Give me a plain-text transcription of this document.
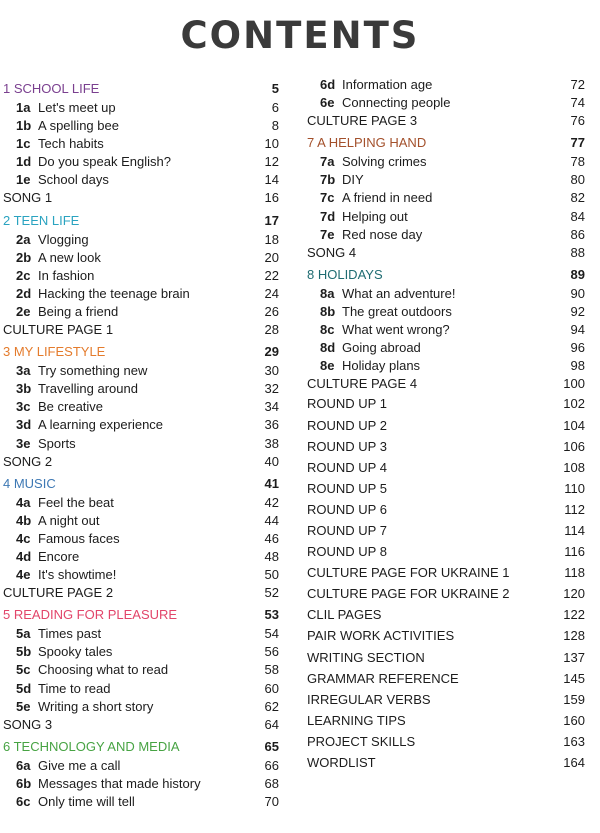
CONTENTS
1 SCHOOL LIFE	5
1a Let's meet up	6
1b A spelling bee	8
1c Tech habits	10
1d Do you speak English?	12
1e School days	14
SONG 1	16
2 TEEN LIFE	17
2a Vlogging	18
2b A new look	20
2c In fashion	22
2d Hacking the teenage brain	24
2e Being a friend	26
CULTURE PAGE 1	28
3 MY LIFESTYLE	29
3a Try something new	30
3b Travelling around	32
3c Be creative	34
3d A learning experience	36
3e Sports	38
SONG 2	40
4 MUSIC	41
4a Feel the beat	42
4b A night out	44
4c Famous faces	46
4d Encore	48
4e It's showtime!	50
CULTURE PAGE 2	52
5 READING FOR PLEASURE	53
5a Times past	54
5b Spooky tales	56
5c Choosing what to read	58
5d Time to read	60
5e Writing a short story	62
SONG 3	64
6 TECHNOLOGY AND MEDIA	65
6a Give me a call	66
6b Messages that made history	68
6c Only time will tell	70
6d Information age	72
6e Connecting people	74
CULTURE PAGE 3	76
7 A HELPING HAND	77
7a Solving crimes	78
7b DIY	80
7c A friend in need	82
7d Helping out	84
7e Red nose day	86
SONG 4	88
8 HOLIDAYS	89
8a What an adventure!	90
8b The great outdoors	92
8c What went wrong?	94
8d Going abroad	96
8e Holiday plans	98
CULTURE PAGE 4	100
ROUND UP 1	102
ROUND UP 2	104
ROUND UP 3	106
ROUND UP 4	108
ROUND UP 5	110
ROUND UP 6	112
ROUND UP 7	114
ROUND UP 8	116
CULTURE PAGE FOR UKRAINE 1	118
CULTURE PAGE FOR UKRAINE 2	120
CLIL PAGES	122
PAIR WORK ACTIVITIES	128
WRITING SECTION	137
GRAMMAR REFERENCE	145
IRREGULAR VERBS	159
LEARNING TIPS	160
PROJECT SKILLS	163
WORDLIST	164
